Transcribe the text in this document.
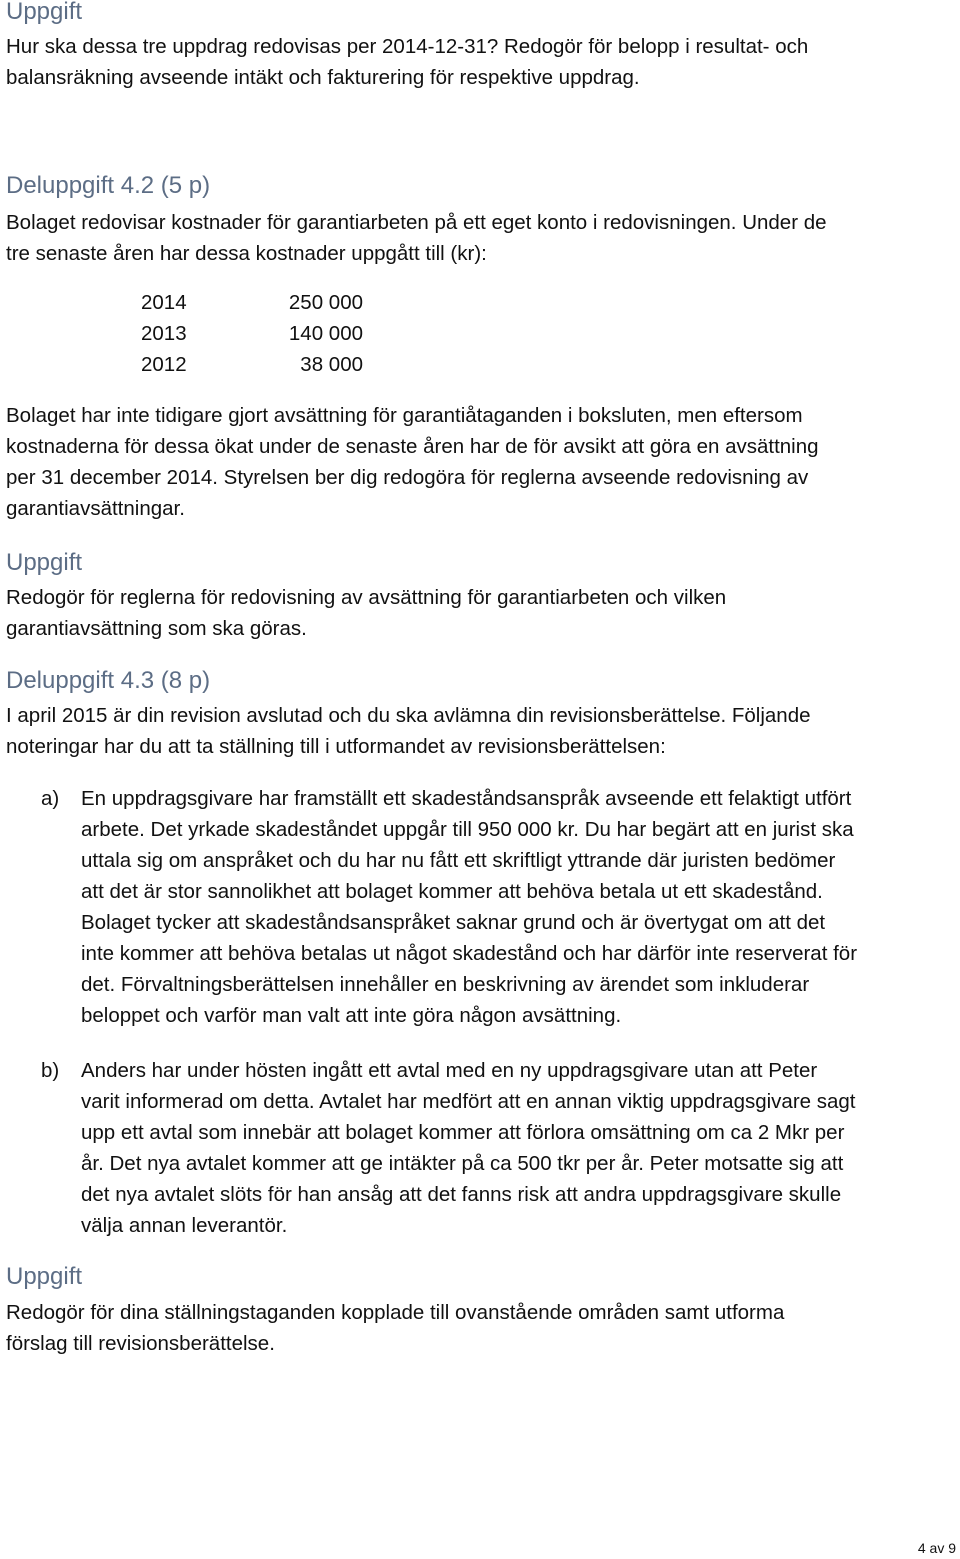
Uppgift
Hur ska dessa tre uppdrag redovisas per 2014-12-31? Redogör för belopp i resultat- och
balansräkning avseende intäkt och fakturering för respektive uppdrag.
Deluppgift 4.2 (5 p)
Bolaget redovisar kostnader för garantiarbeten på ett eget konto i redovisningen. Under de
tre senaste åren har dessa kostnader uppgått till (kr):
2014	250 000
2013	140 000
2012	38 000
Bolaget har inte tidigare gjort avsättning för garantiåtaganden i boksluten, men eftersom
kostnaderna för dessa ökat under de senaste åren har de för avsikt att göra en avsättning
per 31 december 2014. Styrelsen ber dig redogöra för reglerna avseende redovisning av
garantiavsättningar.
Uppgift
Redogör för reglerna för redovisning av avsättning för garantiarbeten och vilken
garantiavsättning som ska göras.
Deluppgift 4.3 (8 p)
I april 2015 är din revision avslutad och du ska avlämna din revisionsberättelse. Följande
noteringar har du att ta ställning till i utformandet av revisionsberättelsen:
a) En uppdragsgivare har framställt ett skadeståndsanspråk avseende ett felaktigt utfört
arbete. Det yrkade skadeståndet uppgår till 950 000 kr. Du har begärt att en jurist ska
uttala sig om anspråket och du har nu fått ett skriftligt yttrande där juristen bedömer
att det är stor sannolikhet att bolaget kommer att behöva betala ut ett skadestånd.
Bolaget tycker att skadeståndsanspråket saknar grund och är övertygat om att det
inte kommer att behöva betalas ut något skadestånd och har därför inte reserverat för
det. Förvaltningsberättelsen innehåller en beskrivning av ärendet som inkluderar
beloppet och varför man valt att inte göra någon avsättning.
b) Anders har under hösten ingått ett avtal med en ny uppdragsgivare utan att Peter
varit informerad om detta. Avtalet har medfört att en annan viktig uppdragsgivare sagt
upp ett avtal som innebär att bolaget kommer att förlora omsättning om ca 2 Mkr per
år. Det nya avtalet kommer att ge intäkter på ca 500 tkr per år. Peter motsatte sig att
det nya avtalet slöts för han ansåg att det fanns risk att andra uppdragsgivare skulle
välja annan leverantör.
Uppgift
Redogör för dina ställningstaganden kopplade till ovanstående områden samt utforma
förslag till revisionsberättelse.
4 av 9
